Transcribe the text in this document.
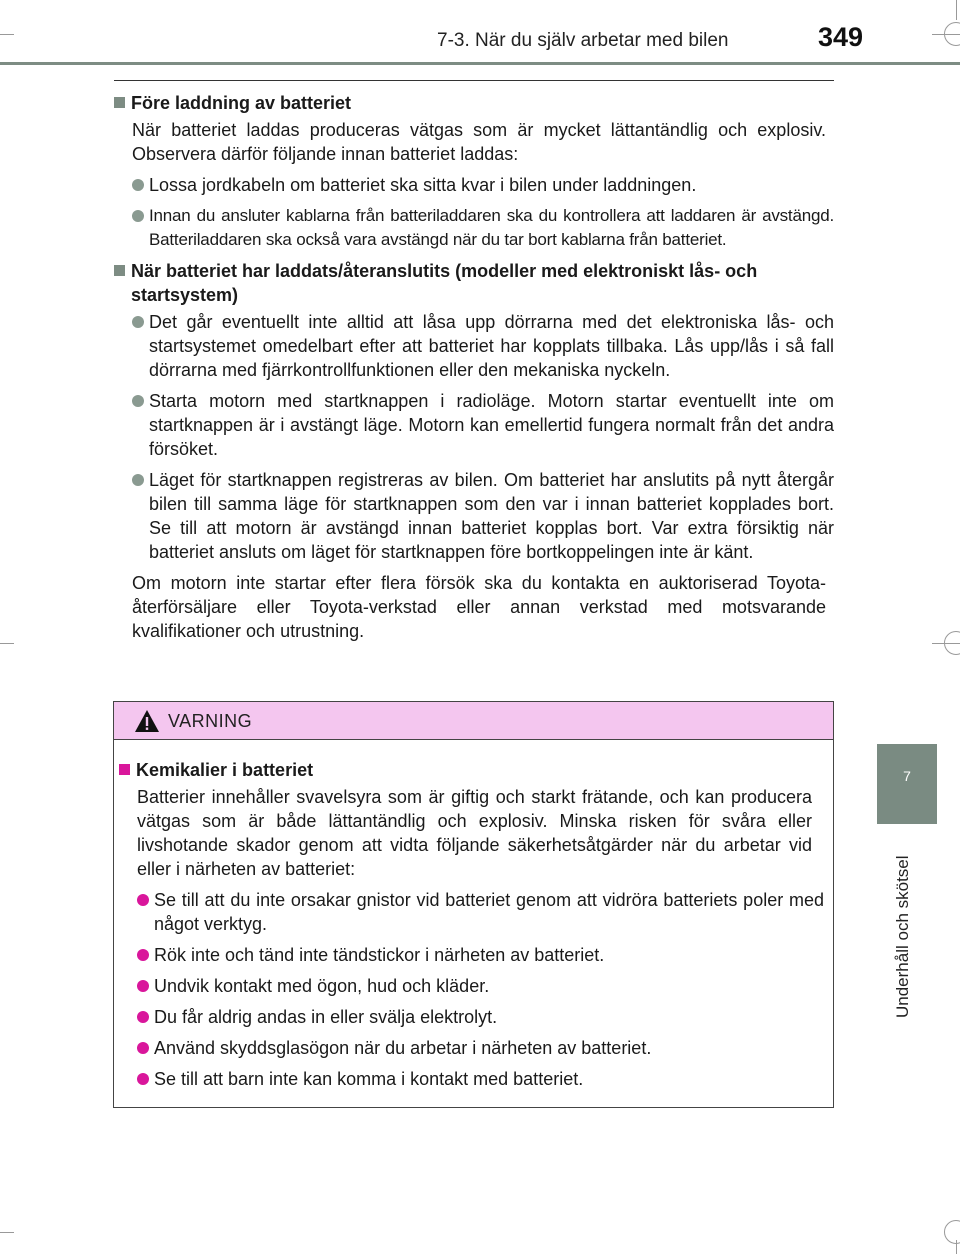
7-3. När du själv arbetar med bilen	349
7
Underhåll och skötsel
Före laddning av batteriet

När batteriet laddas produceras vätgas som är mycket lättantändlig och explosiv. Observera därför följande innan batteriet laddas:

Lossa jordkabeln om batteriet ska sitta kvar i bilen under laddningen.
Innan du ansluter kablarna från batteriladdaren ska du kontrollera att laddaren är avstängd. Batteriladdaren ska också vara avstängd när du tar bort kablarna från batteriet.
När batteriet har laddats/återanslutits (modeller med elektroniskt lås- och startsystem)
Det går eventuellt inte alltid att låsa upp dörrarna med det elektroniska lås- och startsystemet omedelbart efter att batteriet har kopplats tillbaka. Lås upp/lås i så fall dörrarna med fjärrkontrollfunktionen eller den mekaniska nyckeln.
Starta motorn med startknappen i radioläge. Motorn startar eventuellt inte om startknappen är i avstängt läge. Motorn kan emellertid fungera normalt från det andra försöket.
Läget för startknappen registreras av bilen. Om batteriet har anslutits på nytt återgår bilen till samma läge för startknappen som den var i innan batteriet kopplades bort. Se till att motorn är avstängd innan batteriet kopplas bort. Var extra försiktig när batteriet ansluts om läget för startknappen före bortkoppelingen inte är känt.

Om motorn inte startar efter flera försök ska du kontakta en auktoriserad Toyota-återförsäljare eller Toyota-verkstad eller annan verkstad med motsvarande kvalifikationer och utrustning.

VARNING
Kemikalier i batteriet

Batterier innehåller svavelsyra som är giftig och starkt frätande, och kan producera vätgas som är både lättantändlig och explosiv. Minska risken för svåra eller livshotande skador genom att vidta följande säkerhetsåtgärder när du arbetar vid eller i närheten av batteriet:

Se till att du inte orsakar gnistor vid batteriet genom att vidröra batteriets poler med något verktyg.
Rök inte och tänd inte tändstickor i närheten av batteriet.
Undvik kontakt med ögon, hud och kläder.
Du får aldrig andas in eller svälja elektrolyt.
Använd skyddsglasögon när du arbetar i närheten av batteriet.
Se till att barn inte kan komma i kontakt med batteriet.
